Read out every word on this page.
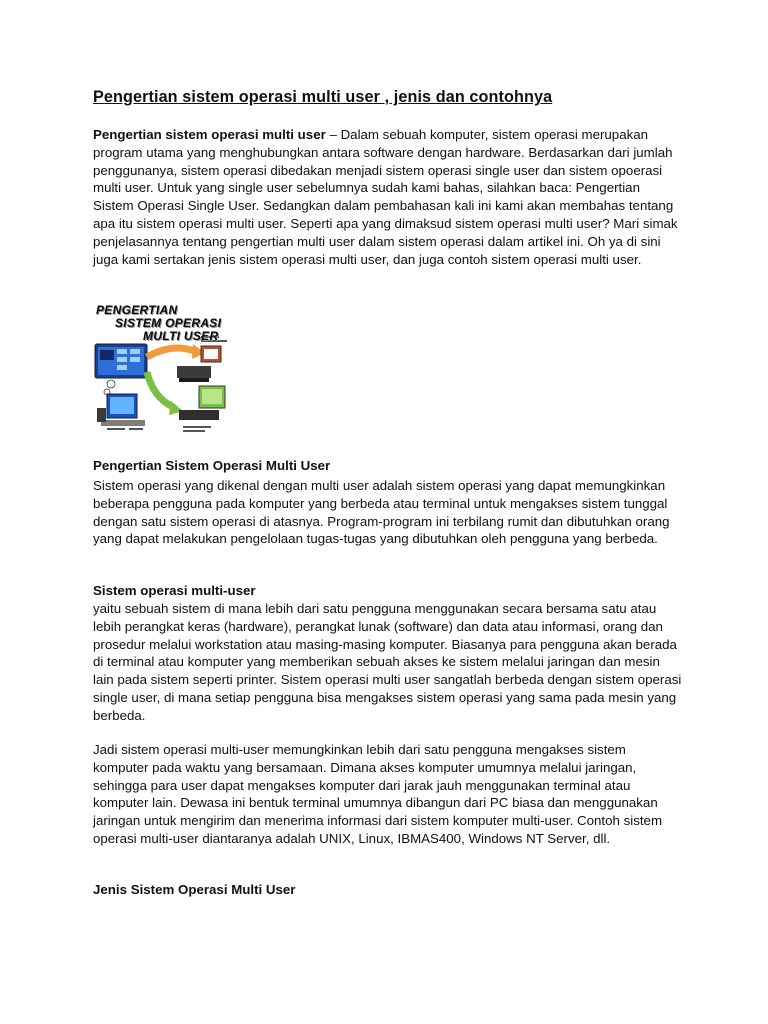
Pengertian sistem operasi multi user , jenis dan contohnya

Pengertian sistem operasi multi user – Dalam sebuah komputer, sistem operasi merupakan program utama yang menghubungkan antara software dengan hardware. Berdasarkan dari jumlah penggunanya, sistem operasi dibedakan menjadi sistem operasi single user dan sistem opoerasi multi user. Untuk yang single user sebelumnya sudah kami bahas, silahkan baca: Pengertian Sistem Operasi Single User. Sedangkan dalam pembahasan kali ini kami akan membahas tentang apa itu sistem operasi multi user. Seperti apa yang dimaksud sistem operasi multi user? Mari simak penjelasannya tentang pengertian multi user dalam sistem operasi dalam artikel ini. Oh ya di sini juga kami sertakan jenis sistem operasi multi user, dan juga contoh sistem operasi multi user.

Pengertian Sistem Operasi Multi User

Sistem operasi yang dikenal dengan multi user adalah sistem operasi yang dapat memungkinkan beberapa pengguna pada komputer yang berbeda atau terminal untuk mengakses sistem tunggal dengan satu sistem operasi di atasnya. Program-program ini terbilang rumit dan dibutuhkan orang yang dapat melakukan pengelolaan tugas-tugas yang dibutuhkan oleh pengguna yang berbeda.

Sistem operasi multi-user

yaitu sebuah sistem di mana lebih dari satu pengguna menggunakan secara bersama satu atau lebih perangkat keras (hardware), perangkat lunak (software) dan data atau informasi, orang dan prosedur melalui workstation atau masing-masing komputer. Biasanya para pengguna akan berada di terminal atau komputer yang memberikan sebuah akses ke sistem melalui jaringan dan mesin lain pada sistem seperti printer. Sistem operasi multi user sangatlah berbeda dengan sistem operasi single user, di mana setiap pengguna bisa mengakses sistem operasi yang sama pada mesin yang berbeda.

Jadi sistem operasi multi-user memungkinkan lebih dari satu pengguna mengakses sistem komputer pada waktu yang bersamaan. Dimana akses komputer umumnya melalui jaringan, sehingga para user dapat mengakses komputer dari jarak jauh menggunakan terminal atau komputer lain. Dewasa ini bentuk terminal umumnya dibangun dari PC biasa dan menggunakan jaringan untuk mengirim dan menerima informasi dari sistem komputer multi-user. Contoh sistem operasi multi-user diantaranya adalah UNIX, Linux, IBMAS400, Windows NT Server, dll.

Jenis Sistem Operasi Multi User
PENGERTIAN
SISTEM OPERASI
MULTI USER
